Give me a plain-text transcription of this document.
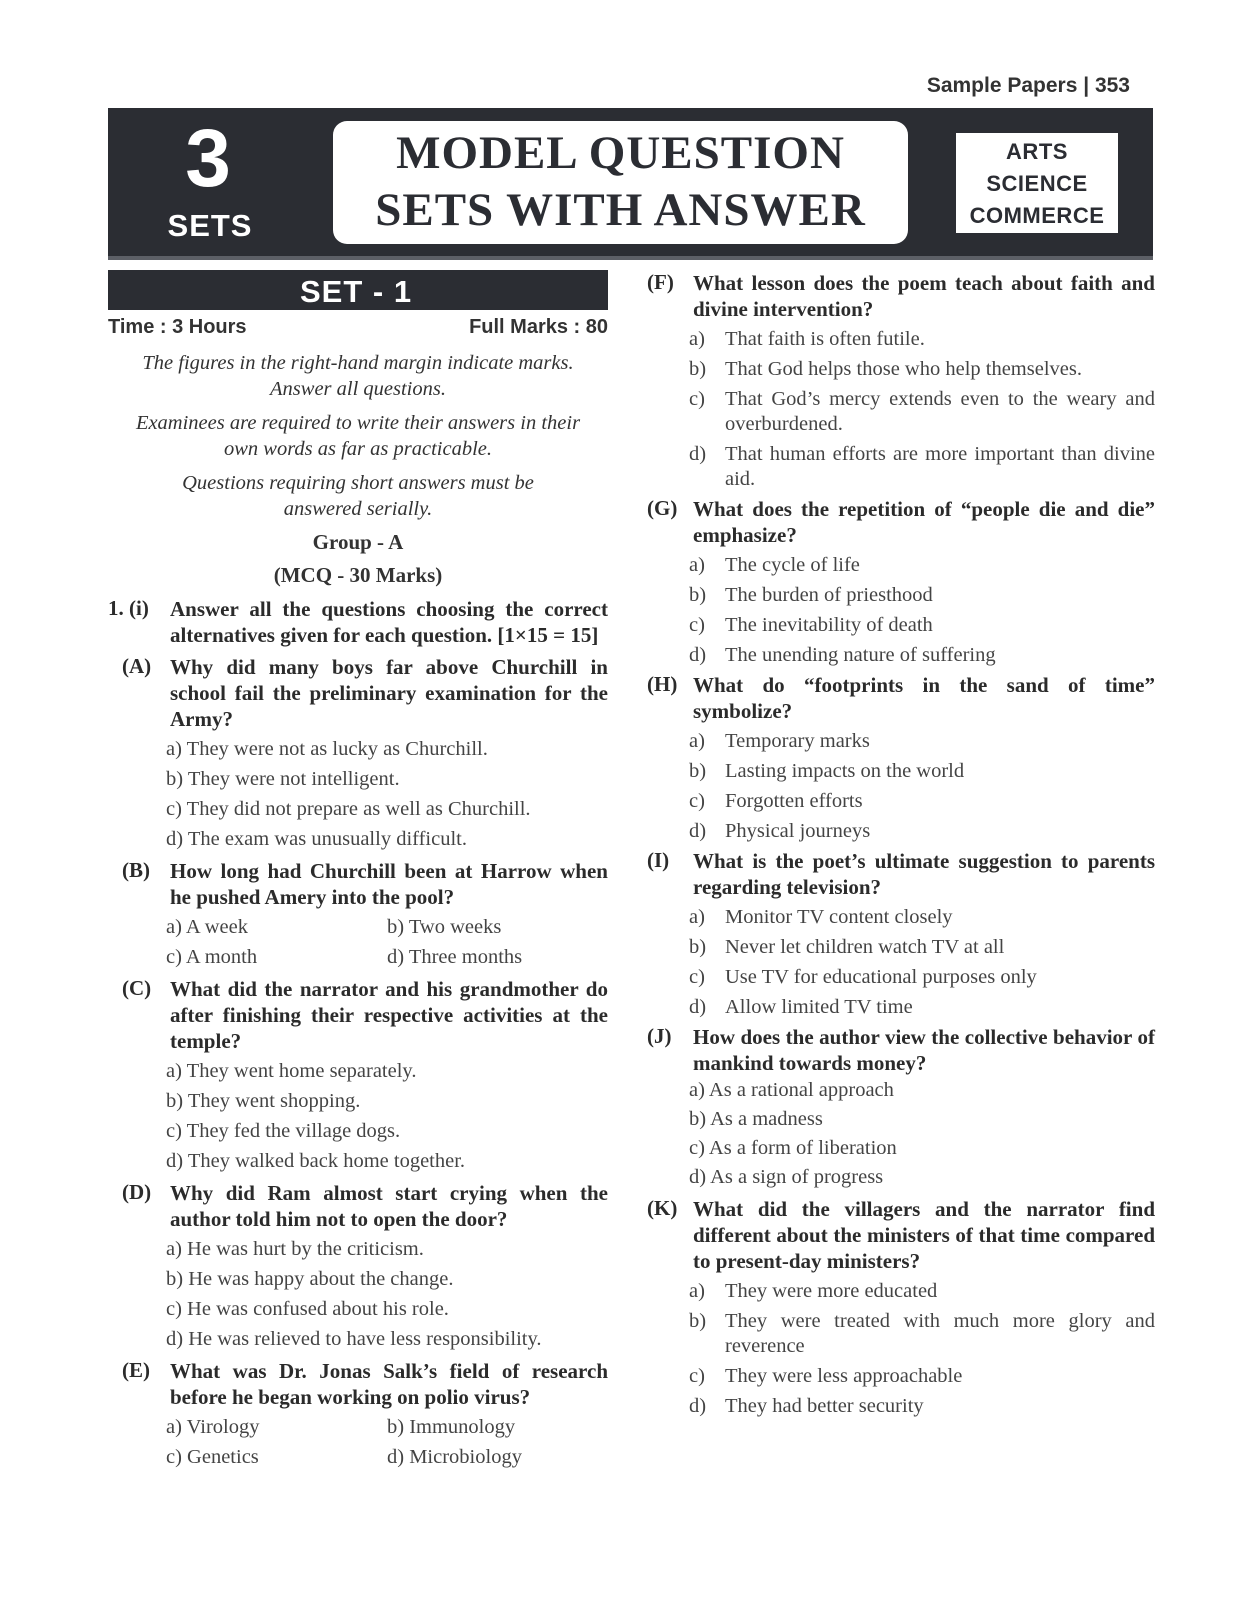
Sample Papers | 353
3
SETS
MODEL QUESTION
SETS WITH ANSWER
ARTS
SCIENCE
COMMERCE
SET - 1
Time : 3 Hours	Full Marks : 80
The figures in the right-hand margin indicate marks. Answer all questions.
Examinees are required to write their answers in their own words as far as practicable.
Questions requiring short answers must be answered serially.
Group - A
(MCQ - 30 Marks)
1. (i) Answer all the questions choosing the correct alternatives given for each question. [1×15 = 15]
(A) Why did many boys far above Churchill in school fail the preliminary examination for the Army?
a) They were not as lucky as Churchill.
b) They were not intelligent.
c) They did not prepare as well as Churchill.
d) The exam was unusually difficult.
(B) How long had Churchill been at Harrow when he pushed Amery into the pool?
a) A week	b) Two weeks
c) A month	d) Three months
(C) What did the narrator and his grandmother do after finishing their respective activities at the temple?
a) They went home separately.
b) They went shopping.
c) They fed the village dogs.
d) They walked back home together.
(D) Why did Ram almost start crying when the author told him not to open the door?
a) He was hurt by the criticism.
b) He was happy about the change.
c) He was confused about his role.
d) He was relieved to have less responsibility.
(E) What was Dr. Jonas Salk’s field of research before he began working on polio virus?
a) Virology	b) Immunology
c) Genetics	d) Microbiology
(F) What lesson does the poem teach about faith and divine intervention?
a) That faith is often futile.
b) That God helps those who help themselves.
c) That God’s mercy extends even to the weary and overburdened.
d) That human efforts are more important than divine aid.
(G) What does the repetition of “people die and die” emphasize?
a) The cycle of life
b) The burden of priesthood
c) The inevitability of death
d) The unending nature of suffering
(H) What do “footprints in the sand of time” symbolize?
a) Temporary marks
b) Lasting impacts on the world
c) Forgotten efforts
d) Physical journeys
(I) What is the poet’s ultimate suggestion to parents regarding television?
a) Monitor TV content closely
b) Never let children watch TV at all
c) Use TV for educational purposes only
d) Allow limited TV time
(J) How does the author view the collective behavior of mankind towards money?
a) As a rational approach
b) As a madness
c) As a form of liberation
d) As a sign of progress
(K) What did the villagers and the narrator find different about the ministers of that time compared to present-day ministers?
a) They were more educated
b) They were treated with much more glory and reverence
c) They were less approachable
d) They had better security
